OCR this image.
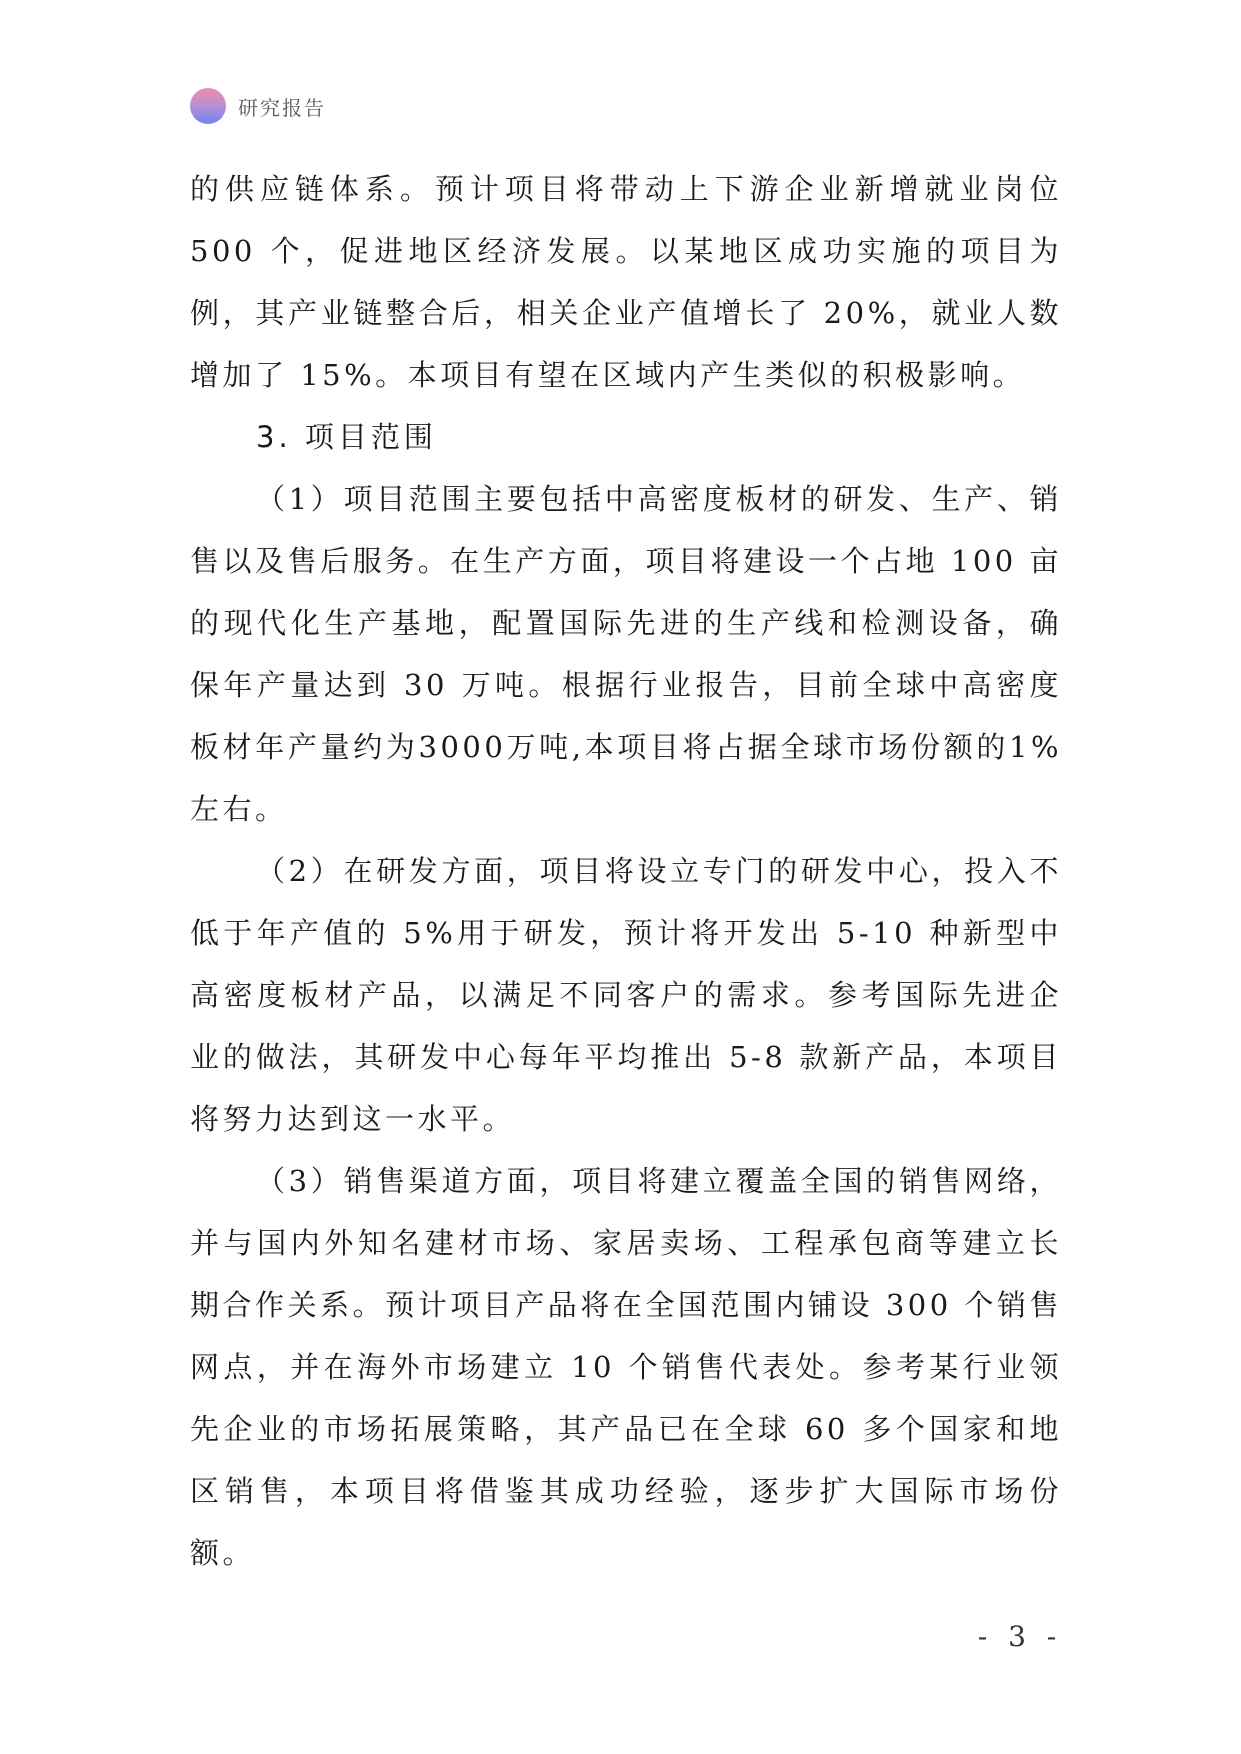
研究报告

的供应链体系。预计项目将带动上下游企业新增就业岗位 500 个，促进地区经济发展。以某地区成功实施的项目为例，其产业链整合后，相关企业产值增长了 20%，就业人数增加了 15%。本项目有望在区域内产生类似的积极影响。

3. 项目范围

（1）项目范围主要包括中高密度板材的研发、生产、销售以及售后服务。在生产方面，项目将建设一个占地 100 亩的现代化生产基地，配置国际先进的生产线和检测设备，确保年产量达到 30 万吨。根据行业报告，目前全球中高密度板材年产量约为3000万吨,本项目将占据全球市场份额的1%左右。

（2）在研发方面，项目将设立专门的研发中心，投入不低于年产值的 5%用于研发，预计将开发出 5-10 种新型中高密度板材产品，以满足不同客户的需求。参考国际先进企业的做法，其研发中心每年平均推出 5-8 款新产品，本项目将努力达到这一水平。

（3）销售渠道方面，项目将建立覆盖全国的销售网络，并与国内外知名建材市场、家居卖场、工程承包商等建立长期合作关系。预计项目产品将在全国范围内铺设 300 个销售网点，并在海外市场建立 10 个销售代表处。参考某行业领先企业的市场拓展策略，其产品已在全球 60 多个国家和地区销售，本项目将借鉴其成功经验，逐步扩大国际市场份额。

- 3 -
